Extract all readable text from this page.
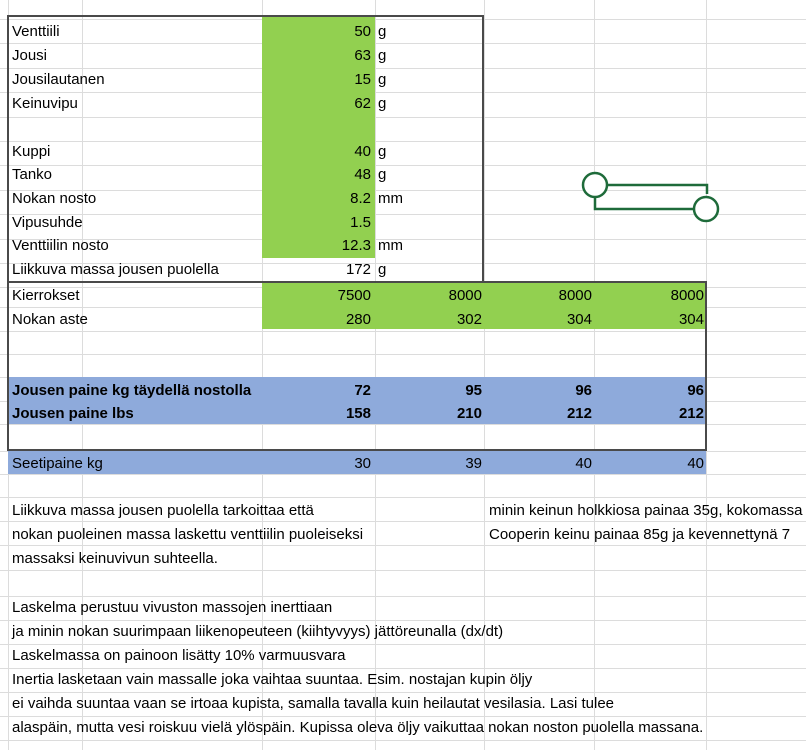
Venttiili	50 g
Jousi	63 g
Jousilautanen	15 g
Keinuvipu	62 g
Kuppi	40 g
Tanko	48 g
Nokan nosto	8.2 mm
Vipusuhde	1.5
Venttiilin nosto	12.3 mm
Liikkuva massa jousen puolella	172 g
Kierrokset	7500	8000	8000	8000
Nokan aste	280	302	304	304
Jousen paine kg täydellä nostolla	72	95	96	96
Jousen paine lbs	158	210	212	212
Seetipaine kg	30	39	40	40
Liikkuva massa jousen puolella tarkoittaa että
nokan puoleinen massa laskettu venttiilin puoleiseksi
massaksi keinuvivun suhteella.
Laskelma perustuu vivuston massojen inerttiaan
ja minin nokan suurimpaan liikenopeuteen (kiihtyvyys) jättöreunalla (dx/dt)
Laskelmassa on painoon lisätty 10% varmuusvara
Inertia lasketaan vain massalle joka vaihtaa suuntaa. Esim. nostajan kupin öljy
ei vaihda suuntaa vaan se irtoaa kupista, samalla tavalla kuin heilautat vesilasia. Lasi tulee
alaspäin, mutta vesi roiskuu vielä ylöspäin. Kupissa oleva öljy vaikuttaa nokan noston puolella massana.
minin keinun holkkiosa painaa 35g, kokomassa
Cooperin keinu painaa 85g ja kevennettynä 7
